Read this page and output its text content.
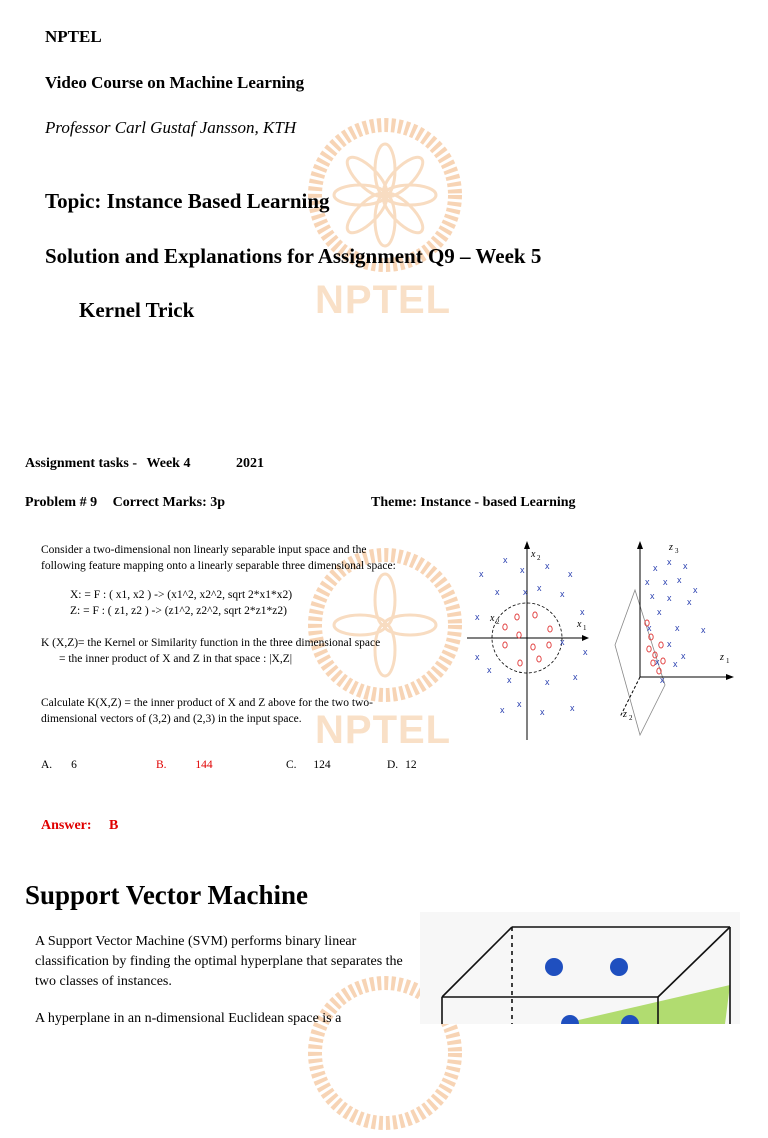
NPTEL
NPTEL
NPTEL
Video Course on Machine Learning
Professor Carl Gustaf Jansson, KTH
Topic: Instance Based Learning
Solution and Explanations for Assignment Q9 – Week 5
Kernel Trick
Assignment tasks - Week 4	2021
Problem # 9 Correct Marks: 3p	Theme: Instance - based Learning
Consider a two-dimensional non linearly separable input space and the
following feature mapping onto a linearly separable three dimensional space:
X: = F : ( x1, x2 ) -> (x1^2, x2^2, sqrt 2*x1*x2)
Z: = F : ( z1, z2 ) -> (z1^2, z2^2, sqrt 2*z1*z2)
K (X,Z)= the Kernel or Similarity function in the three dimensional space
= the inner product of X and Z in that space : |X,Z|
Calculate K(X,Z) = the inner product of X and Z above for the two two-
dimensional vectors of (3,2) and (2,3) in the input space.
A. 6	B.	144	C. 124	D. 12
Answer: B
x 2
x 1
x 2
x
x
x x
x
x	x
x
x	x
x	x
x
x	x	x
x
x
x	x
x
x
z 3
z 1
z 2
x
x x
x x x
x
x x x
x
x
x
x
x
x x
x
x
Support Vector Machine
A Support Vector Machine (SVM) performs binary linear classification by finding the optimal hyperplane that separates the two classes of instances.
A hyperplane in an n-dimensional Euclidean space is a
